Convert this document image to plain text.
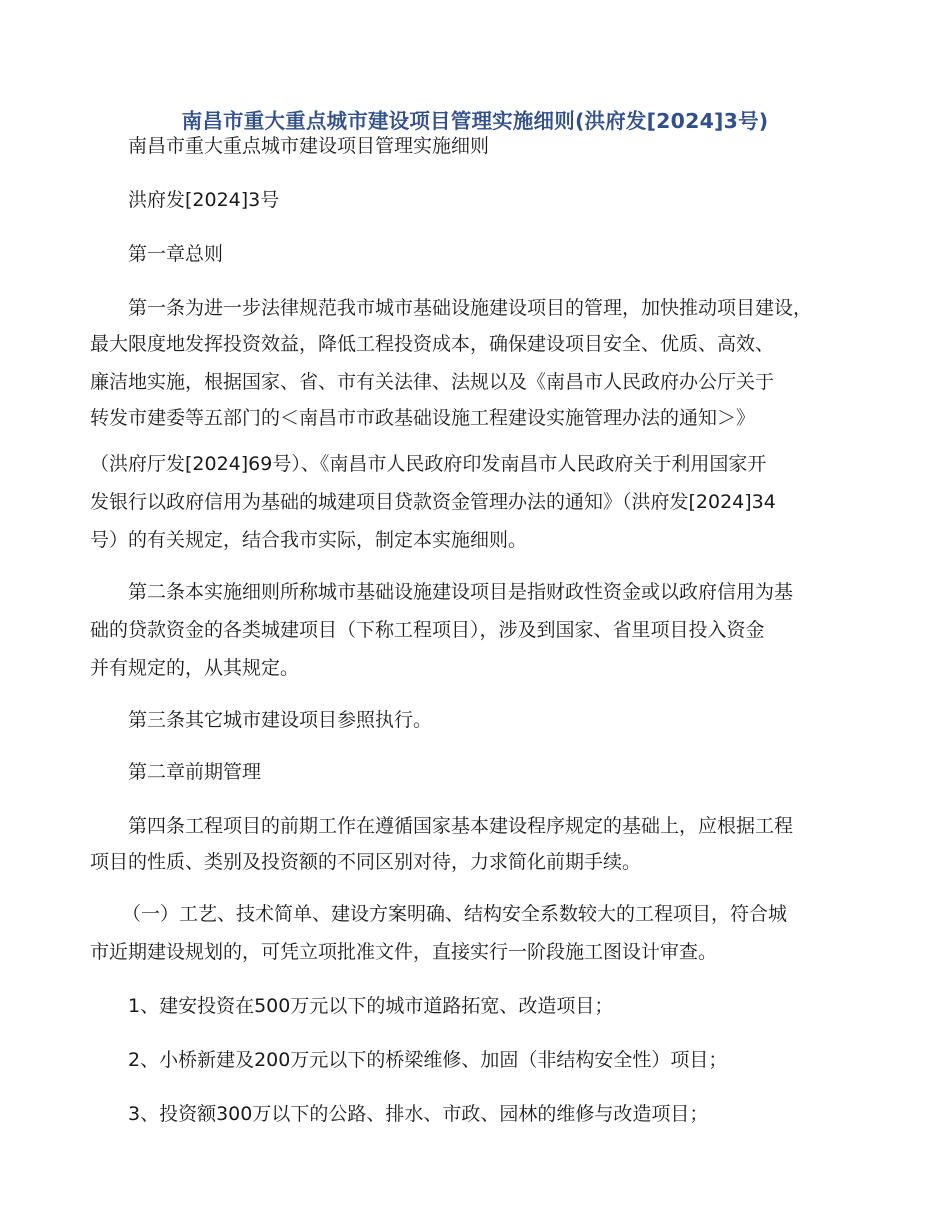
南昌市重大重点城市建设项目管理实施细则(洪府发[2024]3号)
南昌市重大重点城市建设项目管理实施细则
洪府发[2024]3号
第一章总则
第一条为进一步法律规范我市城市基础设施建设项目的管理，加快推动项目建设，
最大限度地发挥投资效益，降低工程投资成本，确保建设项目安全、优质、高效、
廉洁地实施，根据国家、省、市有关法律、法规以及《南昌市人民政府办公厅关于
转发市建委等五部门的＜南昌市市政基础设施工程建设实施管理办法的通知＞》
（洪府厅发[2024]69号）、《南昌市人民政府印发南昌市人民政府关于利用国家开
发银行以政府信用为基础的城建项目贷款资金管理办法的通知》（洪府发[2024]34
号）的有关规定，结合我市实际，制定本实施细则。
第二条本实施细则所称城市基础设施建设项目是指财政性资金或以政府信用为基
础的贷款资金的各类城建项目（下称工程项目），涉及到国家、省里项目投入资金
并有规定的，从其规定。
第三条其它城市建设项目参照执行。
第二章前期管理
第四条工程项目的前期工作在遵循国家基本建设程序规定的基础上，应根据工程
项目的性质、类别及投资额的不同区别对待，力求简化前期手续。
（一）工艺、技术简单、建设方案明确、结构安全系数较大的工程项目，符合城
市近期建设规划的，可凭立项批准文件，直接实行一阶段施工图设计审查。
1、建安投资在500万元以下的城市道路拓宽、改造项目；
2、小桥新建及200万元以下的桥梁维修、加固（非结构安全性）项目；
3、投资额300万以下的公路、排水、市政、园林的维修与改造项目；
